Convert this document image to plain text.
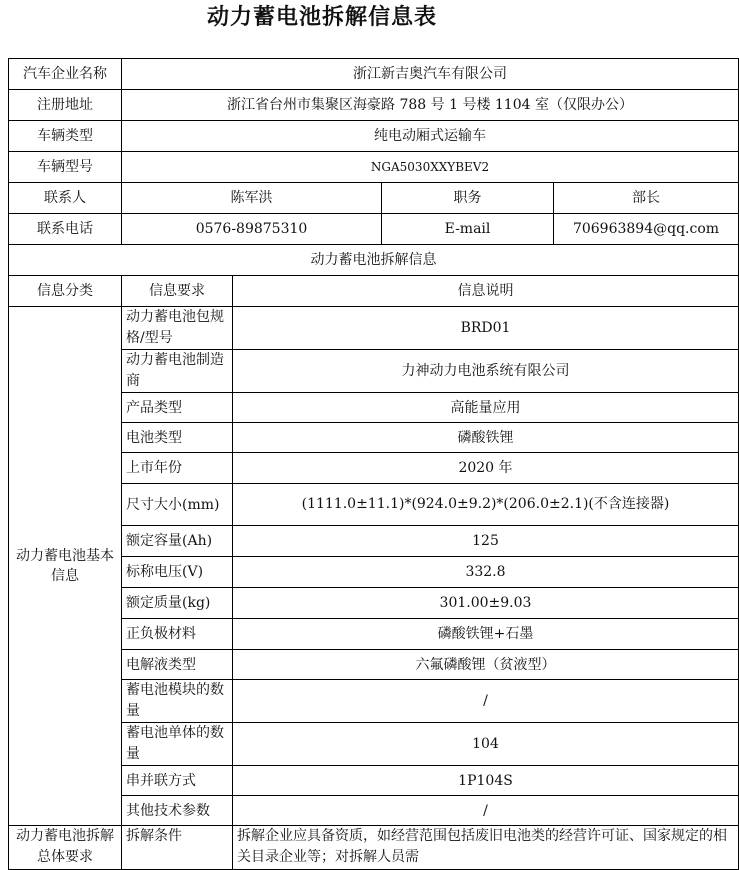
动力蓄电池拆解信息表
汽车企业名称	浙江新吉奥汽车有限公司			
注册地址	浙江省台州市集聚区海豪路 788 号 1 号楼 1104 室（仅限办公）			
车辆类型	纯电动厢式运输车			
车辆型号	NGA5030XXYBEV2			
联系人	陈军洪		职务	部长
联系电话	0576-89875310		E-mail	706963894@qq.com
动力蓄电池拆解信息				
信息分类	信息要求	信息说明		
动力蓄电池基本信息	动力蓄电池包规格/型号	BRD01		
	动力蓄电池制造商	力神动力电池系统有限公司		
	产品类型	高能量应用		
	电池类型	磷酸铁锂		
	上市年份	2020 年		
	尺寸大小(mm)	(1111.0±11.1)*(924.0±9.2)*(206.0±2.1)(不含连接器)		
	额定容量(Ah)	125		
	标称电压(V)	332.8		
	额定质量(kg)	301.00±9.03		
	正负极材料	磷酸铁锂+石墨		
	电解液类型	六氟磷酸锂（贫液型）		
	蓄电池模块的数量	/		
	蓄电池单体的数量	104		
	串并联方式	1P104S		
	其他技术参数	/		
动力蓄电池拆解总体要求	拆解条件	拆解企业应具备资质，如经营范围包括废旧电池类的经营许可证、国家规定的相关目录企业等；对拆解人员需		
